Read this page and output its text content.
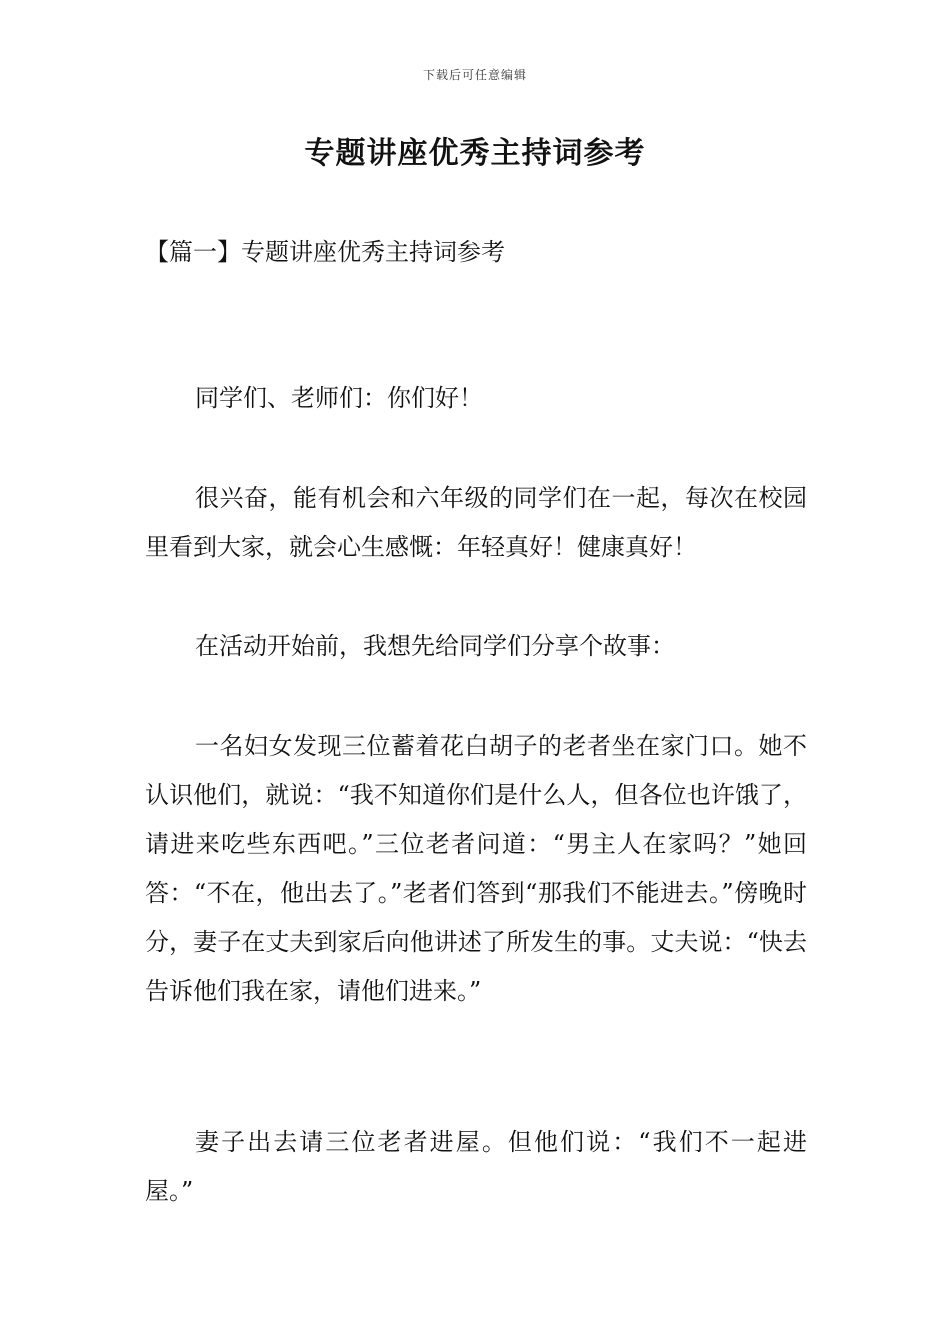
下载后可任意编辑
专题讲座优秀主持词参考
【篇一】专题讲座优秀主持词参考

同学们、老师们：你们好！

很兴奋，能有机会和六年级的同学们在一起，每次在校园里看到大家，就会心生感慨：年轻真好！健康真好！

在活动开始前，我想先给同学们分享个故事：

一名妇女发现三位蓄着花白胡子的老者坐在家门口。她不认识他们，就说：“我不知道你们是什么人，但各位也许饿了，请进来吃些东西吧。”三位老者问道：“男主人在家吗？”她回答：“不在，他出去了。”老者们答到“那我们不能进去。”傍晚时分，妻子在丈夫到家后向他讲述了所发生的事。丈夫说：“快去告诉他们我在家，请他们进来。”

妻子出去请三位老者进屋。但他们说：“我们不一起进屋。”
